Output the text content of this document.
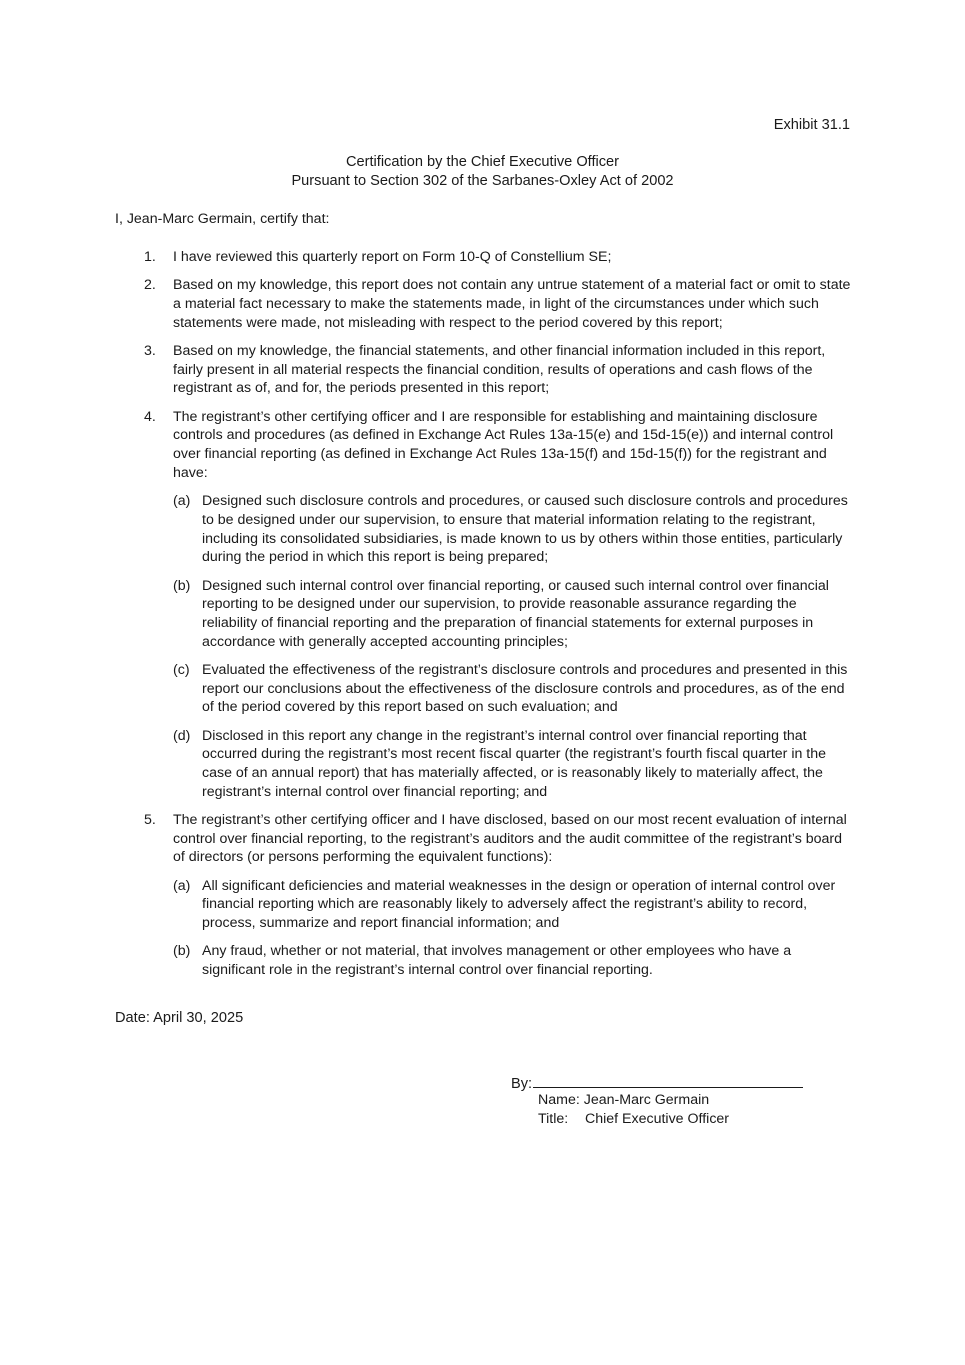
Exhibit 31.1
Certification by the Chief Executive Officer
Pursuant to Section 302 of the Sarbanes-Oxley Act of 2002
I, Jean-Marc Germain, certify that:
1. I have reviewed this quarterly report on Form 10-Q of Constellium SE;
2. Based on my knowledge, this report does not contain any untrue statement of a material fact or omit to state a material fact necessary to make the statements made, in light of the circumstances under which such statements were made, not misleading with respect to the period covered by this report;
3. Based on my knowledge, the financial statements, and other financial information included in this report, fairly present in all material respects the financial condition, results of operations and cash flows of the registrant as of, and for, the periods presented in this report;
4. The registrant’s other certifying officer and I are responsible for establishing and maintaining disclosure controls and procedures (as defined in Exchange Act Rules 13a-15(e) and 15d-15(e)) and internal control over financial reporting (as defined in Exchange Act Rules 13a-15(f) and 15d-15(f)) for the registrant and have:
(a) Designed such disclosure controls and procedures, or caused such disclosure controls and procedures to be designed under our supervision, to ensure that material information relating to the registrant, including its consolidated subsidiaries, is made known to us by others within those entities, particularly during the period in which this report is being prepared;
(b) Designed such internal control over financial reporting, or caused such internal control over financial reporting to be designed under our supervision, to provide reasonable assurance regarding the reliability of financial reporting and the preparation of financial statements for external purposes in accordance with generally accepted accounting principles;
(c) Evaluated the effectiveness of the registrant’s disclosure controls and procedures and presented in this report our conclusions about the effectiveness of the disclosure controls and procedures, as of the end of the period covered by this report based on such evaluation; and
(d) Disclosed in this report any change in the registrant’s internal control over financial reporting that occurred during the registrant’s most recent fiscal quarter (the registrant’s fourth fiscal quarter in the case of an annual report) that has materially affected, or is reasonably likely to materially affect, the registrant’s internal control over financial reporting; and
5. The registrant’s other certifying officer and I have disclosed, based on our most recent evaluation of internal control over financial reporting, to the registrant’s auditors and the audit committee of the registrant’s board of directors (or persons performing the equivalent functions):
(a) All significant deficiencies and material weaknesses in the design or operation of internal control over financial reporting which are reasonably likely to adversely affect the registrant’s ability to record, process, summarize and report financial information; and
(b) Any fraud, whether or not material, that involves management or other employees who have a significant role in the registrant’s internal control over financial reporting.
Date: April 30, 2025
By:
Name: Jean-Marc Germain
Title: Chief Executive Officer
